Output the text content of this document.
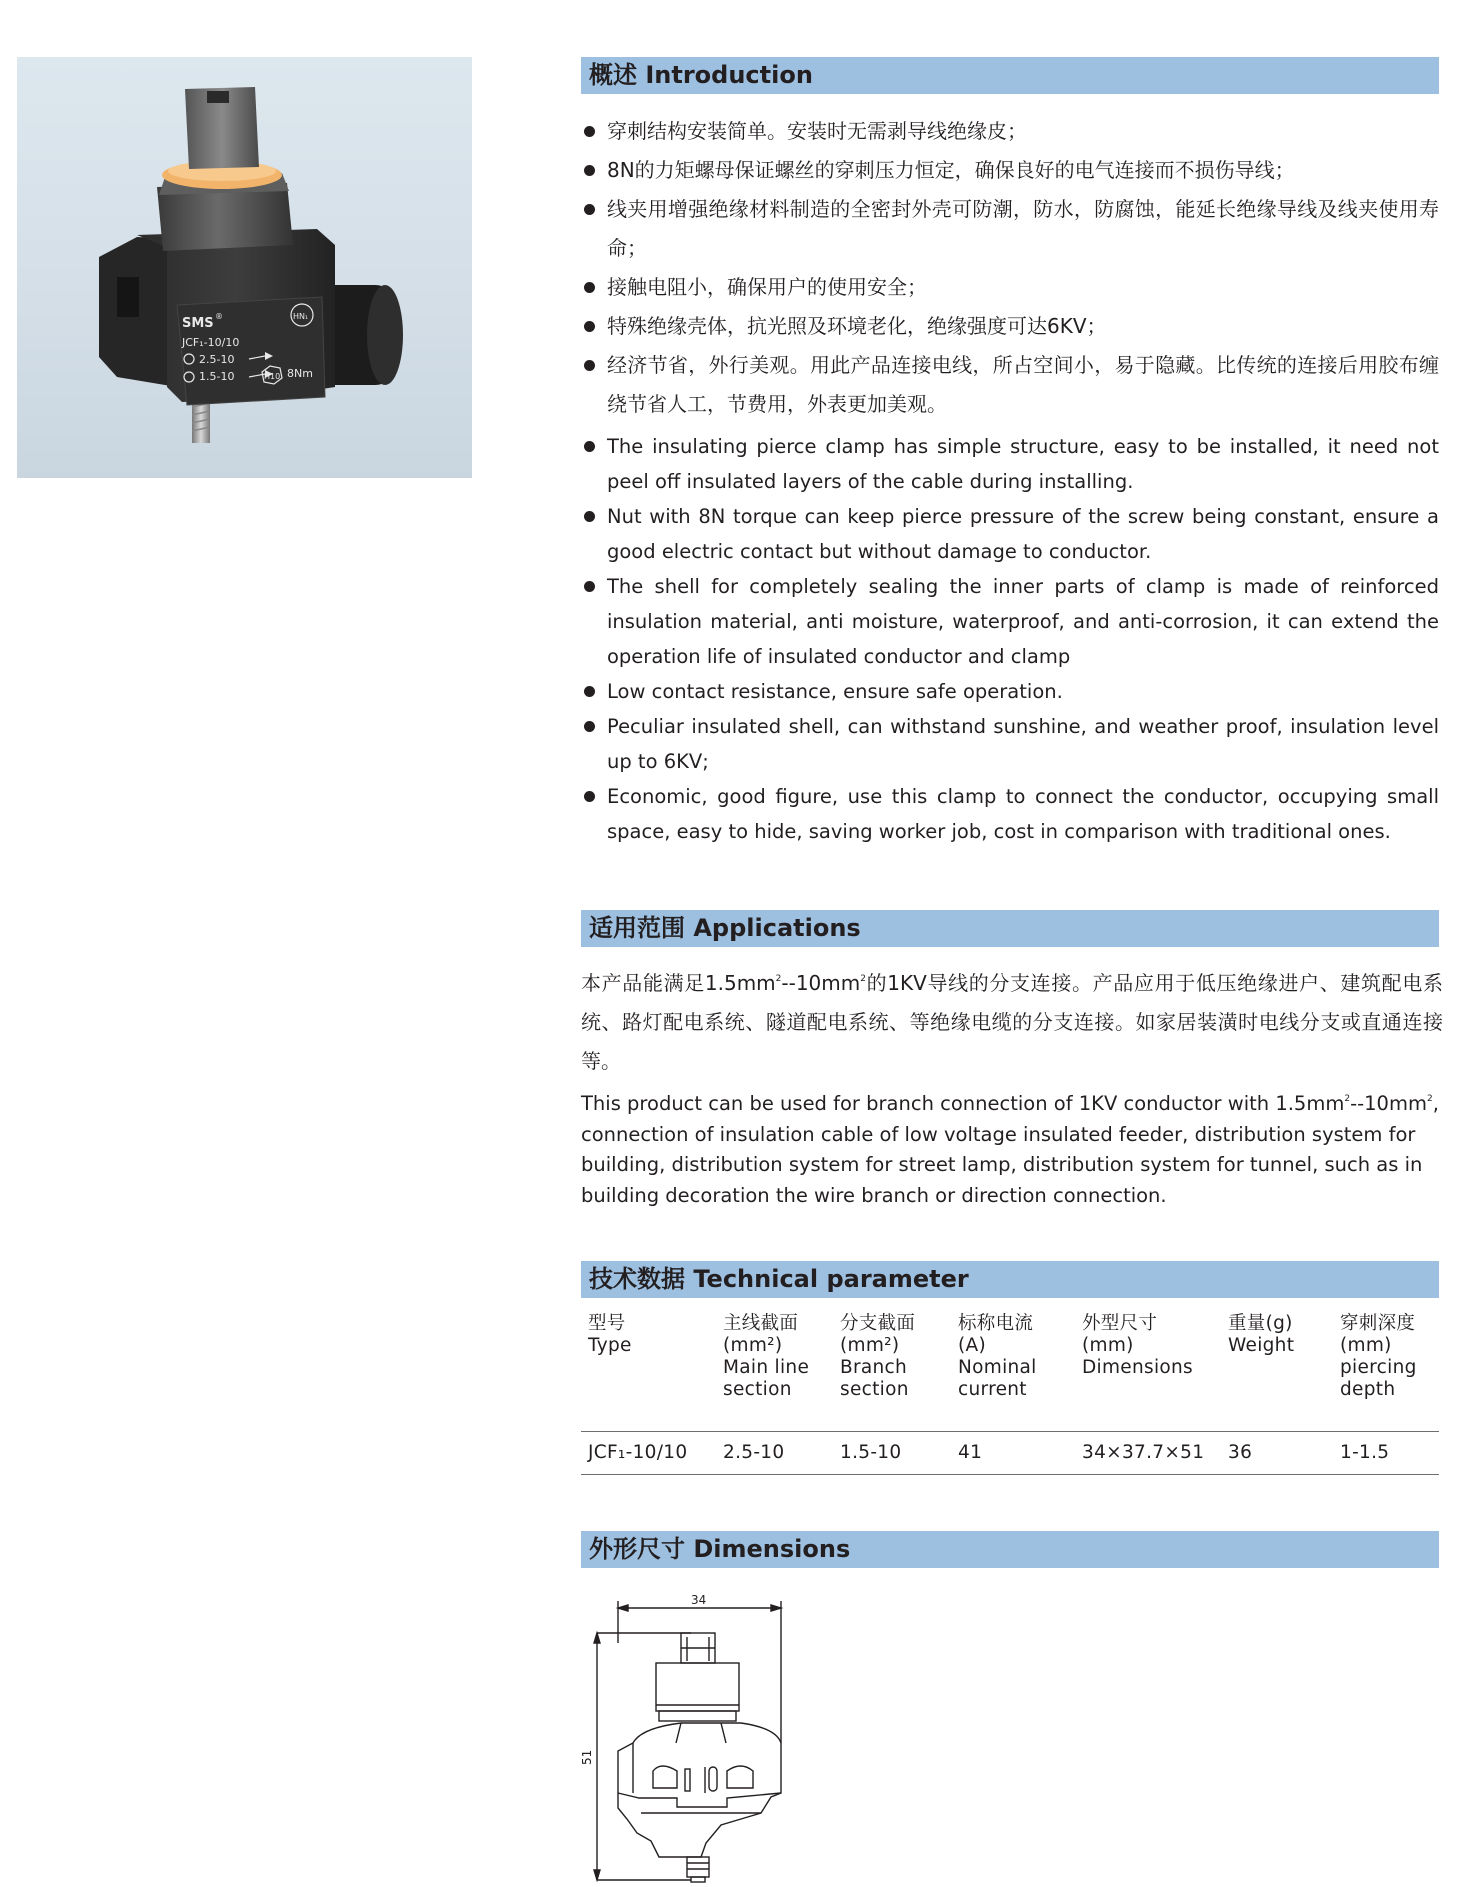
SMS ®
JCF₁-10/10
2.5-10
1.5-10	H10 8Nm
HN₁
概述 Introduction
穿刺结构安装简单。安装时无需剥导线绝缘皮；
8N的力矩螺母保证螺丝的穿刺压力恒定，确保良好的电气连接而不损伤导线；
线夹用增强绝缘材料制造的全密封外壳可防潮，防水，防腐蚀，能延长绝缘导线及线夹使用寿命；
接触电阻小，确保用户的使用安全；
特殊绝缘壳体，抗光照及环境老化，绝缘强度可达6KV；
经济节省，外行美观。用此产品连接电线，所占空间小，易于隐藏。比传统的连接后用胶布缠绕节省人工，节费用，外表更加美观。
The insulating pierce clamp has simple structure, easy to be installed, it need not peel off insulated layers of the cable during installing.
Nut with 8N torque can keep pierce pressure of the screw being constant, ensure a good electric contact but without damage to conductor.
The shell for completely sealing the inner parts of clamp is made of reinforced insulation material, anti moisture, waterproof, and anti-corrosion, it can extend the operation life of insulated conductor and clamp
Low contact resistance, ensure safe operation.
Peculiar insulated shell, can withstand sunshine, and weather proof, insulation level up to 6KV;
Economic, good figure, use this clamp to connect the conductor, occupying small space, easy to hide, saving worker job, cost in comparison with traditional ones.
适用范围 Applications

本产品能满足$1.5mm^2--10mm^2$的1KV导线的分支连接。产品应用于低压绝缘进户、建筑配电系统、路灯配电系统、隧道配电系统、等绝缘电缆的分支连接。如家居装潢时电线分支或直通连接等。

This product can be used for branch connection of 1KV conductor with $1.5mm^2--10mm^2$, connection of insulation cable of low voltage insulated feeder, distribution system for building, distribution system for street lamp, distribution system for tunnel, such as in building decoration the wire branch or direction connection.

技术数据 Technical parameter
型号
Type	主线截面
(mm²)
Main line
section	分支截面
(mm²)
Branch
section	标称电流
(A)
Nominal
current	外型尺寸
(mm)
Dimensions	重量(g)
Weight	穿刺深度
(mm)
piercing
depth

JCF₁-10/10	2.5-10	1.5-10	41	34×37.7×51	36	1-1.5
外形尺寸 Dimensions
34
51
